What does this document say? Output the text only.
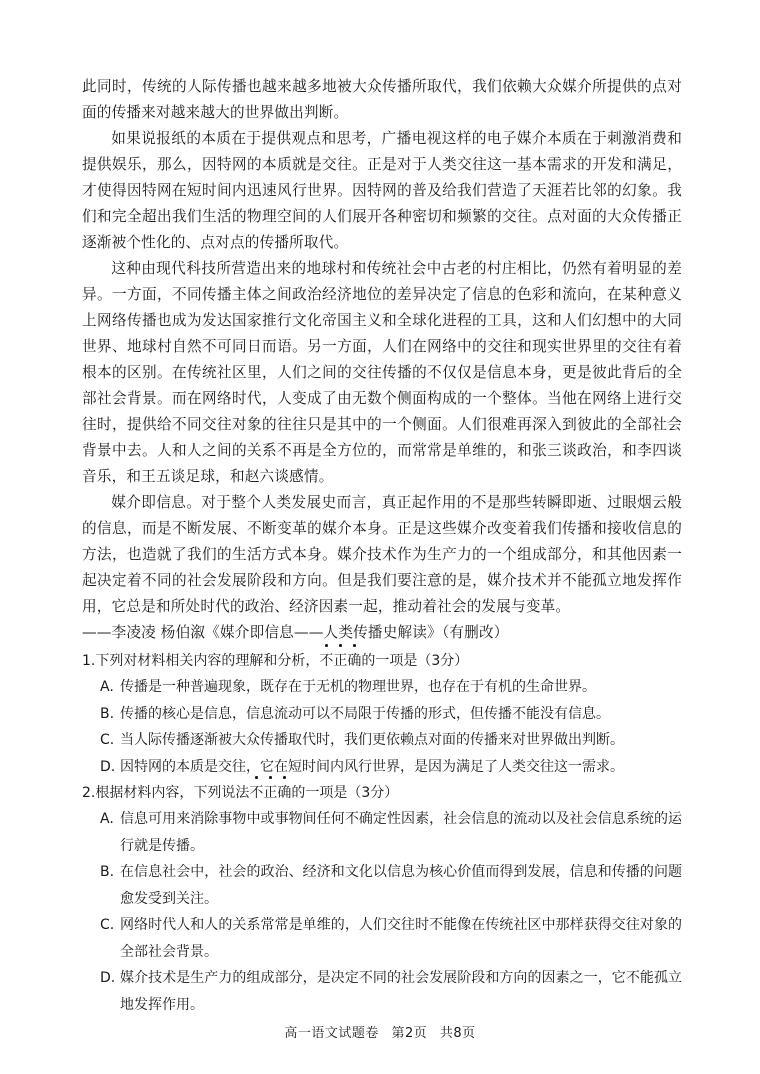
此同时，传统的人际传播也越来越多地被大众传播所取代，我们依赖大众媒介所提供的点对面的传播来对越来越大的世界做出判断。

如果说报纸的本质在于提供观点和思考，广播电视这样的电子媒介本质在于刺激消费和提供娱乐，那么，因特网的本质就是交往。正是对于人类交往这一基本需求的开发和满足，才使得因特网在短时间内迅速风行世界。因特网的普及给我们营造了天涯若比邻的幻象。我们和完全超出我们生活的物理空间的人们展开各种密切和频繁的交往。点对面的大众传播正逐渐被个性化的、点对点的传播所取代。

这种由现代科技所营造出来的地球村和传统社会中古老的村庄相比，仍然有着明显的差异。一方面，不同传播主体之间政治经济地位的差异决定了信息的色彩和流向，在某种意义上网络传播也成为发达国家推行文化帝国主义和全球化进程的工具，这和人们幻想中的大同世界、地球村自然不可同日而语。另一方面，人们在网络中的交往和现实世界里的交往有着根本的区别。在传统社区里，人们之间的交往传播的不仅仅是信息本身，更是彼此背后的全部社会背景。而在网络时代，人变成了由无数个侧面构成的一个整体。当他在网络上进行交往时，提供给不同交往对象的往往只是其中的一个侧面。人们很难再深入到彼此的全部社会背景中去。人和人之间的关系不再是全方位的，而常常是单维的，和张三谈政治，和李四谈音乐，和王五谈足球，和赵六谈感情。

媒介即信息。对于整个人类发展史而言，真正起作用的不是那些转瞬即逝、过眼烟云般的信息，而是不断发展、不断变革的媒介本身。正是这些媒介改变着我们传播和接收信息的方法，也造就了我们的生活方式本身。媒介技术作为生产力的一个组成部分，和其他因素一起决定着不同的社会发展阶段和方向。但是我们要注意的是，媒介技术并不能孤立地发挥作用，它总是和所处时代的政治、经济因素一起，推动着社会的发展与变革。

——李凌凌 杨伯溆《媒介即信息——人类传播史解读》（有删改）

1.下列对材料相关内容的理解和分析，不正确的一项是（3分）

A. 传播是一种普遍现象，既存在于无机的物理世界，也存在于有机的生命世界。
B. 传播的核心是信息，信息流动可以不局限于传播的形式，但传播不能没有信息。
C. 当人际传播逐渐被大众传播取代时，我们更依赖点对面的传播来对世界做出判断。
D. 因特网的本质是交往，它在短时间内风行世界，是因为满足了人类交往这一需求。

2.根据材料内容，下列说法不正确的一项是（3分）

A. 信息可用来消除事物中或事物间任何不确定性因素，社会信息的流动以及社会信息系统的运行就是传播。
B. 在信息社会中，社会的政治、经济和文化以信息为核心价值而得到发展，信息和传播的问题愈发受到关注。
C. 网络时代人和人的关系常常是单维的，人们交往时不能像在传统社区中那样获得交往对象的全部社会背景。
D. 媒介技术是生产力的组成部分，是决定不同的社会发展阶段和方向的因素之一，它不能孤立地发挥作用。
高一语文试题卷 第2页 共8页
